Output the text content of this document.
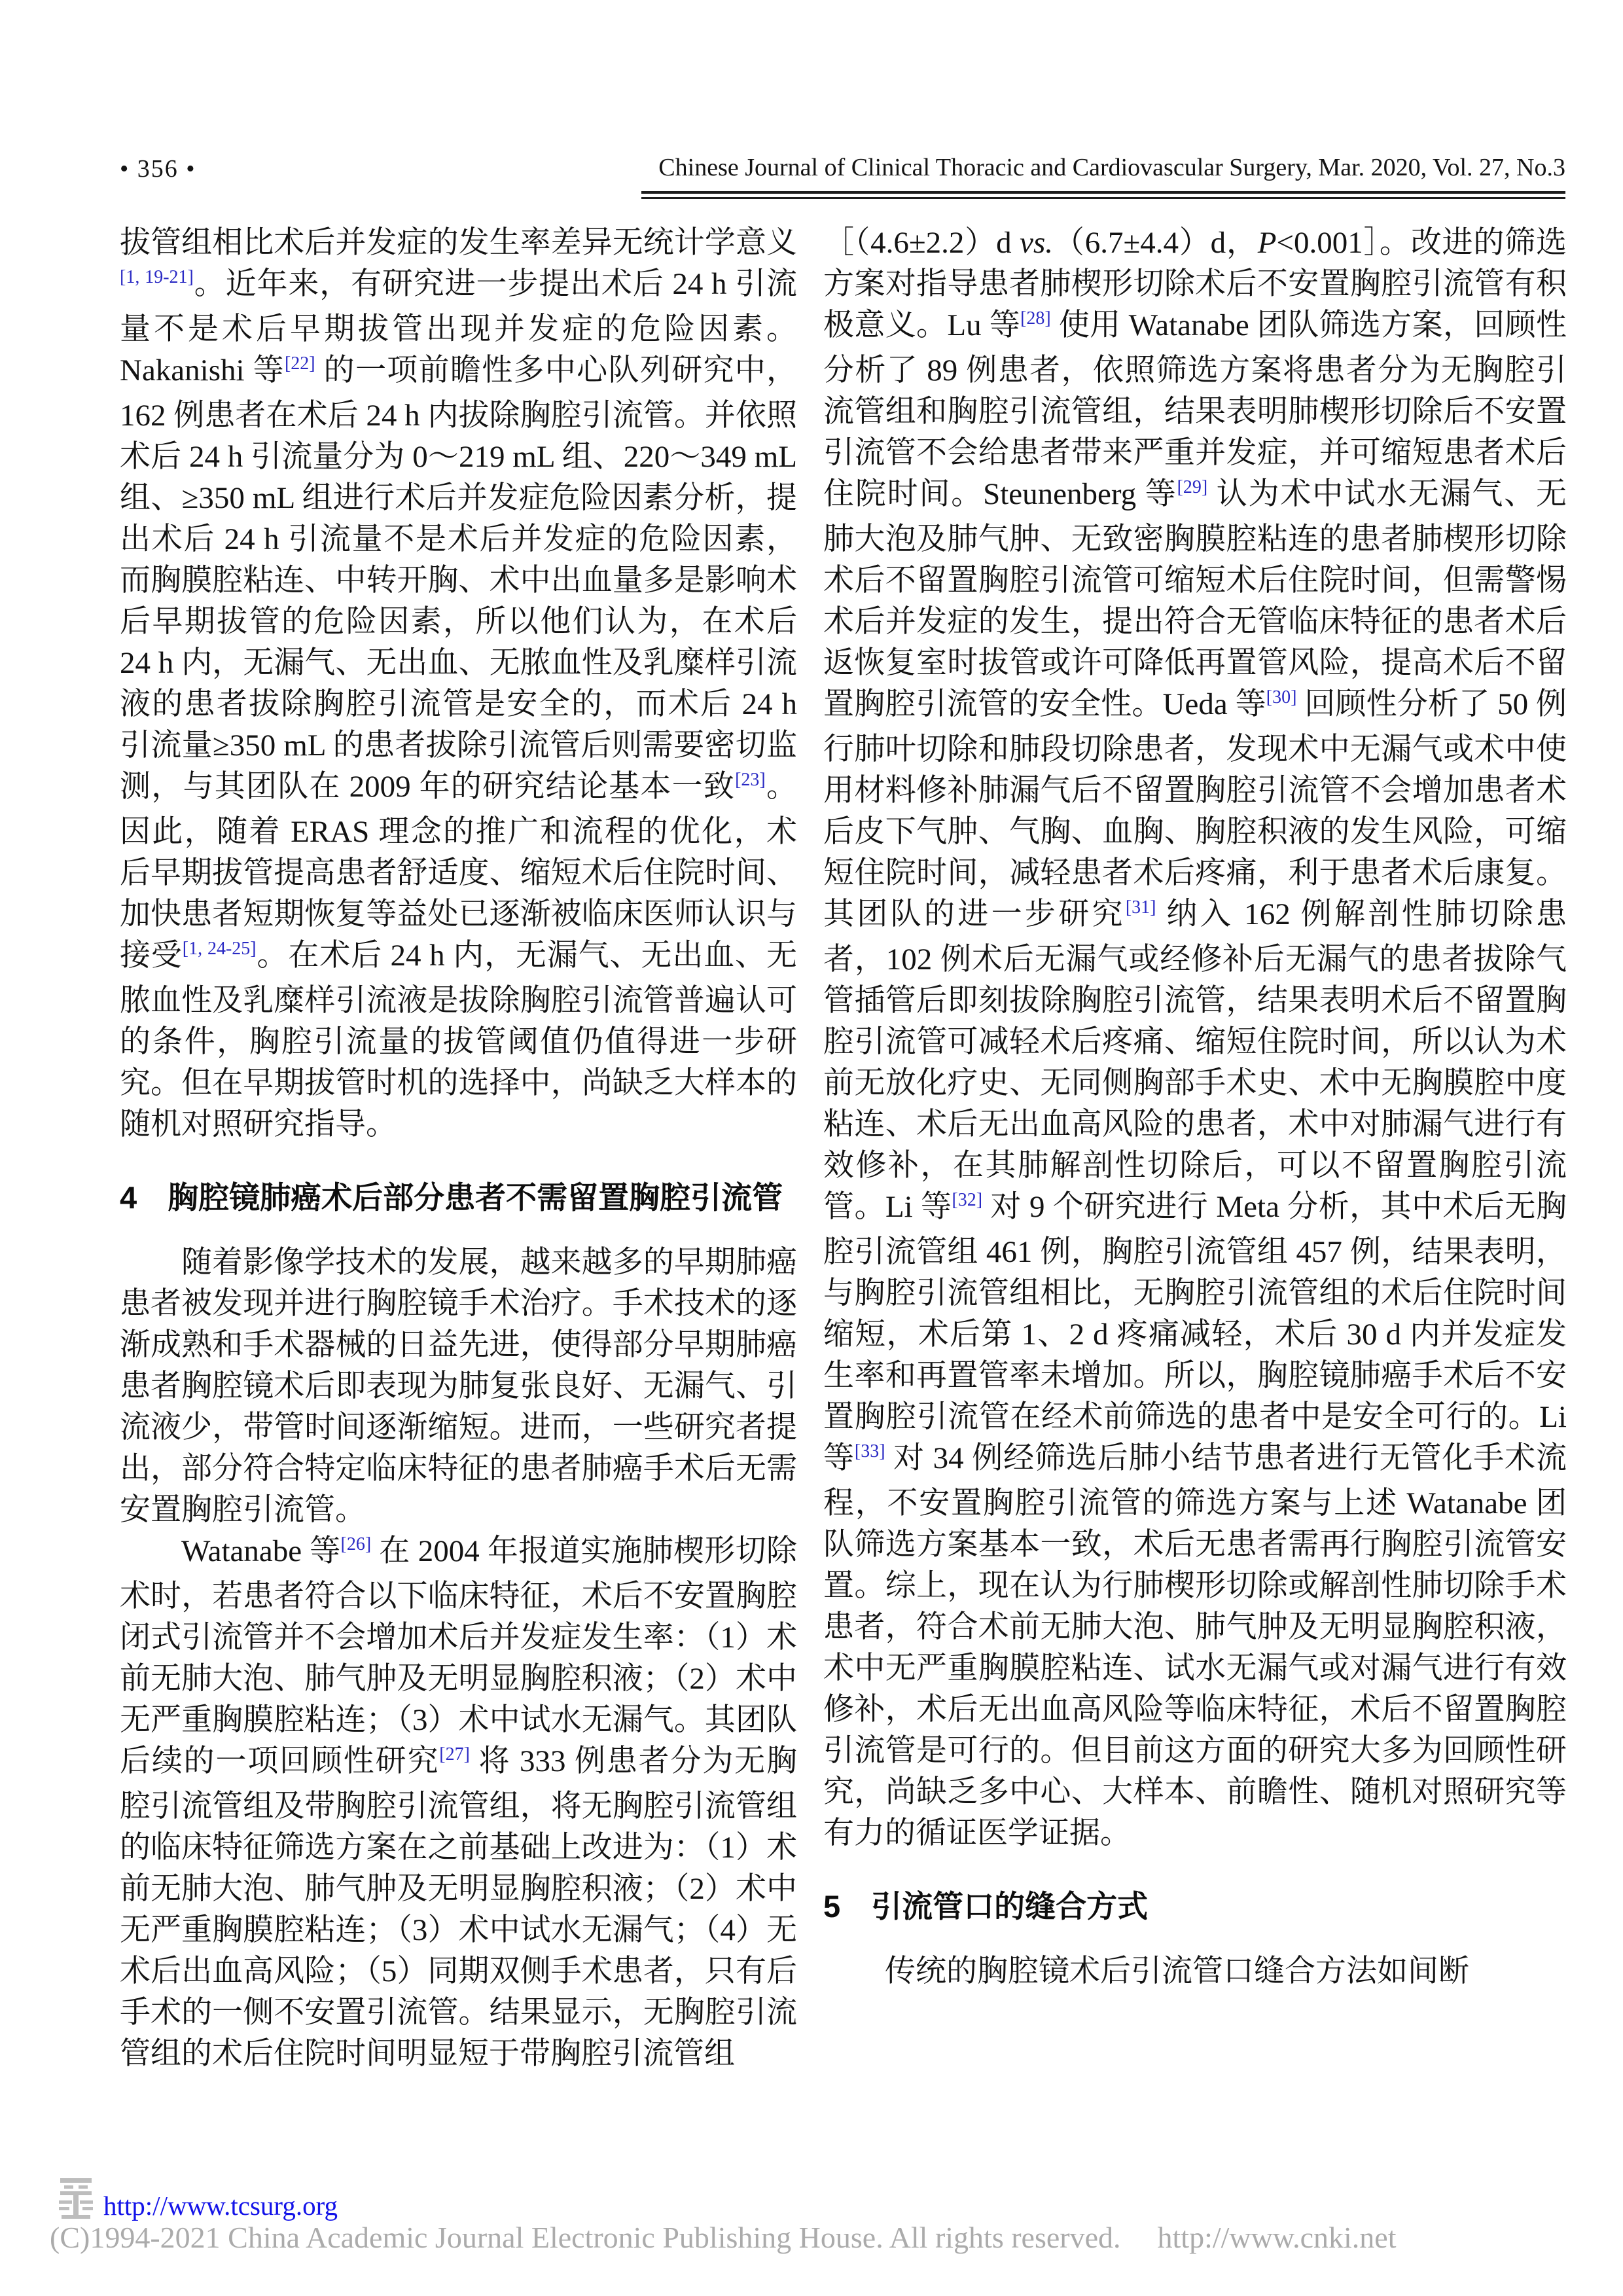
• 356 •	Chinese Journal of Clinical Thoracic and Cardiovascular Surgery, Mar. 2020, Vol. 27, No.3

拔管组相比术后并发症的发生率差异无统计学意义[1, 19-21]。近年来，有研究进一步提出术后 24 h 引流量不是术后早期拔管出现并发症的危险因素。Nakanishi 等[22] 的一项前瞻性多中心队列研究中，162 例患者在术后 24 h 内拔除胸腔引流管。并依照术后 24 h 引流量分为 0～219 mL 组、220～349 mL 组、≥350 mL 组进行术后并发症危险因素分析，提出术后 24 h 引流量不是术后并发症的危险因素，而胸膜腔粘连、中转开胸、术中出血量多是影响术后早期拔管的危险因素，所以他们认为，在术后 24 h 内，无漏气、无出血、无脓血性及乳糜样引流液的患者拔除胸腔引流管是安全的，而术后 24 h 引流量≥350 mL 的患者拔除引流管后则需要密切监测，与其团队在 2009 年的研究结论基本一致[23]。因此，随着 ERAS 理念的推广和流程的优化，术后早期拔管提高患者舒适度、缩短术后住院时间、加快患者短期恢复等益处已逐渐被临床医师认识与接受[1, 24-25]。在术后 24 h 内，无漏气、无出血、无脓血性及乳糜样引流液是拔除胸腔引流管普遍认可的条件，胸腔引流量的拔管阈值仍值得进一步研究。但在早期拔管时机的选择中，尚缺乏大样本的随机对照研究指导。

4　胸腔镜肺癌术后部分患者不需留置胸腔引流管

随着影像学技术的发展，越来越多的早期肺癌患者被发现并进行胸腔镜手术治疗。手术技术的逐渐成熟和手术器械的日益先进，使得部分早期肺癌患者胸腔镜术后即表现为肺复张良好、无漏气、引流液少，带管时间逐渐缩短。进而，一些研究者提出，部分符合特定临床特征的患者肺癌手术后无需安置胸腔引流管。

Watanabe 等[26] 在 2004 年报道实施肺楔形切除术时，若患者符合以下临床特征，术后不安置胸腔闭式引流管并不会增加术后并发症发生率：（1）术前无肺大泡、肺气肿及无明显胸腔积液；（2）术中无严重胸膜腔粘连；（3）术中试水无漏气。其团队后续的一项回顾性研究[27] 将 333 例患者分为无胸腔引流管组及带胸腔引流管组，将无胸腔引流管组的临床特征筛选方案在之前基础上改进为：（1）术前无肺大泡、肺气肿及无明显胸腔积液；（2）术中无严重胸膜腔粘连；（3）术中试水无漏气；（4）无术后出血高风险；（5）同期双侧手术患者，只有后手术的一侧不安置引流管。结果显示，无胸腔引流管组的术后住院时间明显短于带胸腔引流管组

［（4.6±2.2）d vs.（6.7±4.4）d，P<0.001］。改进的筛选方案对指导患者肺楔形切除术后不安置胸腔引流管有积极意义。Lu 等[28] 使用 Watanabe 团队筛选方案，回顾性分析了 89 例患者，依照筛选方案将患者分为无胸腔引流管组和胸腔引流管组，结果表明肺楔形切除后不安置引流管不会给患者带来严重并发症，并可缩短患者术后住院时间。Steunenberg 等[29] 认为术中试水无漏气、无肺大泡及肺气肿、无致密胸膜腔粘连的患者肺楔形切除术后不留置胸腔引流管可缩短术后住院时间，但需警惕术后并发症的发生，提出符合无管临床特征的患者术后返恢复室时拔管或许可降低再置管风险，提高术后不留置胸腔引流管的安全性。Ueda 等[30] 回顾性分析了 50 例行肺叶切除和肺段切除患者，发现术中无漏气或术中使用材料修补肺漏气后不留置胸腔引流管不会增加患者术后皮下气肿、气胸、血胸、胸腔积液的发生风险，可缩短住院时间，减轻患者术后疼痛，利于患者术后康复。其团队的进一步研究[31] 纳入 162 例解剖性肺切除患者，102 例术后无漏气或经修补后无漏气的患者拔除气管插管后即刻拔除胸腔引流管，结果表明术后不留置胸腔引流管可减轻术后疼痛、缩短住院时间，所以认为术前无放化疗史、无同侧胸部手术史、术中无胸膜腔中度粘连、术后无出血高风险的患者，术中对肺漏气进行有效修补，在其肺解剖性切除后，可以不留置胸腔引流管。Li 等[32] 对 9 个研究进行 Meta 分析，其中术后无胸腔引流管组 461 例，胸腔引流管组 457 例，结果表明，与胸腔引流管组相比，无胸腔引流管组的术后住院时间缩短，术后第 1、2 d 疼痛减轻，术后 30 d 内并发症发生率和再置管率未增加。所以，胸腔镜肺癌手术后不安置胸腔引流管在经术前筛选的患者中是安全可行的。Li 等[33] 对 34 例经筛选后肺小结节患者进行无管化手术流程，不安置胸腔引流管的筛选方案与上述 Watanabe 团队筛选方案基本一致，术后无患者需再行胸腔引流管安置。综上，现在认为行肺楔形切除或解剖性肺切除手术患者，符合术前无肺大泡、肺气肿及无明显胸腔积液，术中无严重胸膜腔粘连、试水无漏气或对漏气进行有效修补，术后无出血高风险等临床特征，术后不留置胸腔引流管是可行的。但目前这方面的研究大多为回顾性研究，尚缺乏多中心、大样本、前瞻性、随机对照研究等有力的循证医学证据。

5　引流管口的缝合方式

传统的胸腔镜术后引流管口缝合方法如间断

http://www.tcsurg.org
(C)1994-2021 China Academic Journal Electronic Publishing House. All rights reserved. http://www.cnki.net
